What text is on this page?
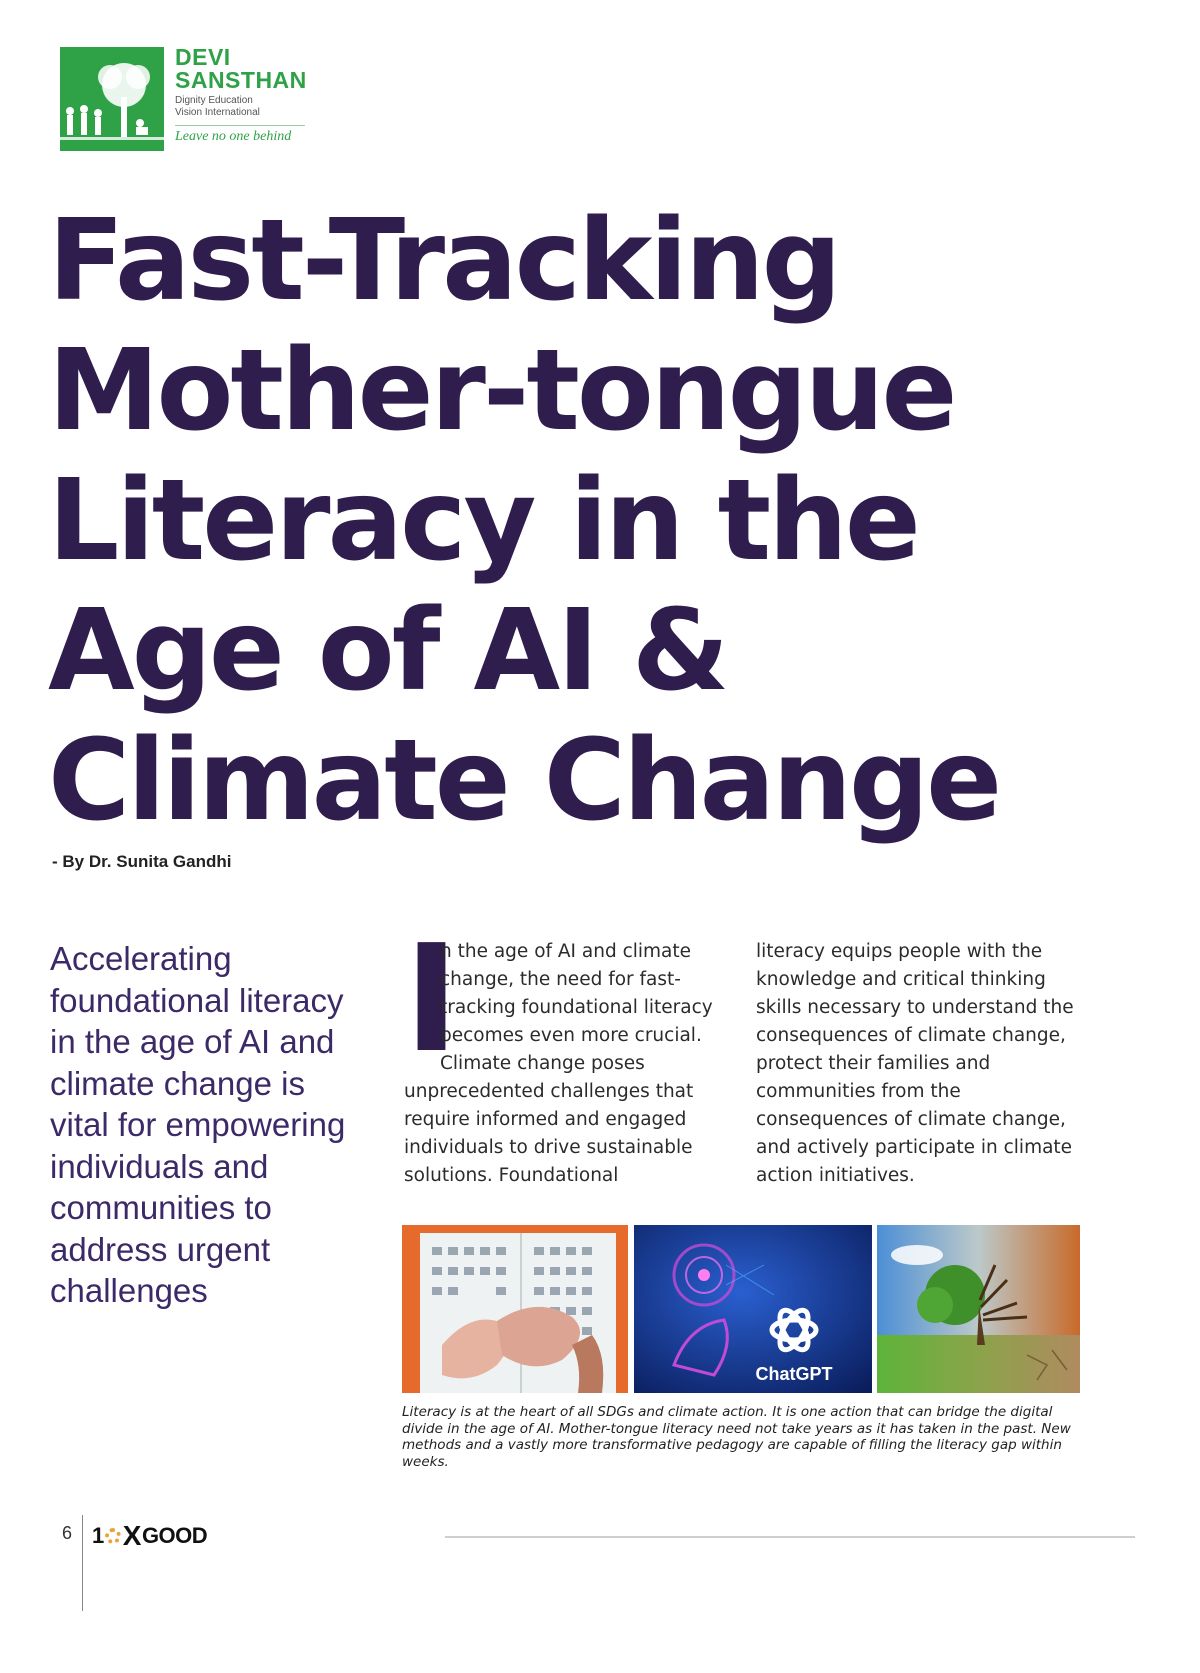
DEVI
SANSTHAN
Dignity Education
Vision International
Leave no one behind
Fast-Tracking
Mother-tongue
Literacy in the
Age of AI &
Climate Change
- By Dr. Sunita Gandhi
Accelerating foundational literacy in the age of AI and climate change is vital for empowering individuals and communities to address urgent challenges
I
n the age of AI and climate change, the need for fast-tracking foundational literacy becomes even more crucial. Climate change poses unprecedented challenges that require informed and engaged individuals to drive sustainable solutions. Foundational
literacy equips people with the knowledge and critical thinking skills necessary to understand the consequences of climate change, protect their families and communities from the consequences of climate change, and actively participate in climate action initiatives.
ChatGPT
Literacy is at the heart of all SDGs and climate action. It is one action that can bridge the digital divide in the age of AI. Mother-tongue literacy need not take years as it has taken in the past. New methods and a vastly more transformative pedagogy are capable of filling the literacy gap within weeks.
6 1 X GOOD
